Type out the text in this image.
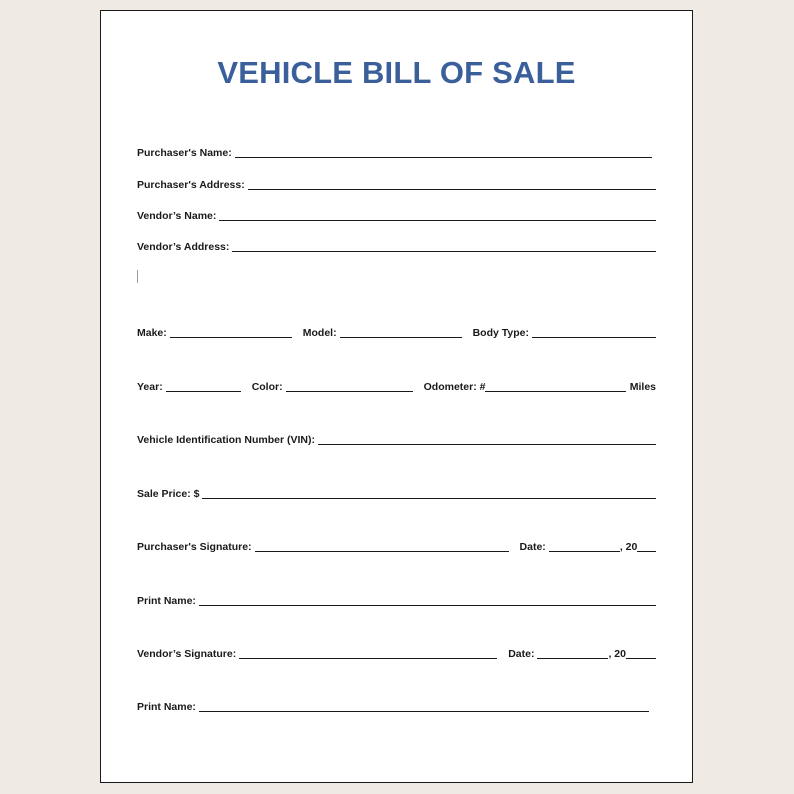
VEHICLE BILL OF SALE
Purchaser's Name:
Purchaser's Address:
Vendor’s Name:
Vendor’s Address:
Make:	Model:	Body Type:
Year:	Color:	Odometer: #	Miles
Vehicle Identification Number (VIN):
Sale Price: $
Purchaser's Signature:	Date:	, 20
Print Name:
Vendor’s Signature:	Date:	, 20
Print Name:
